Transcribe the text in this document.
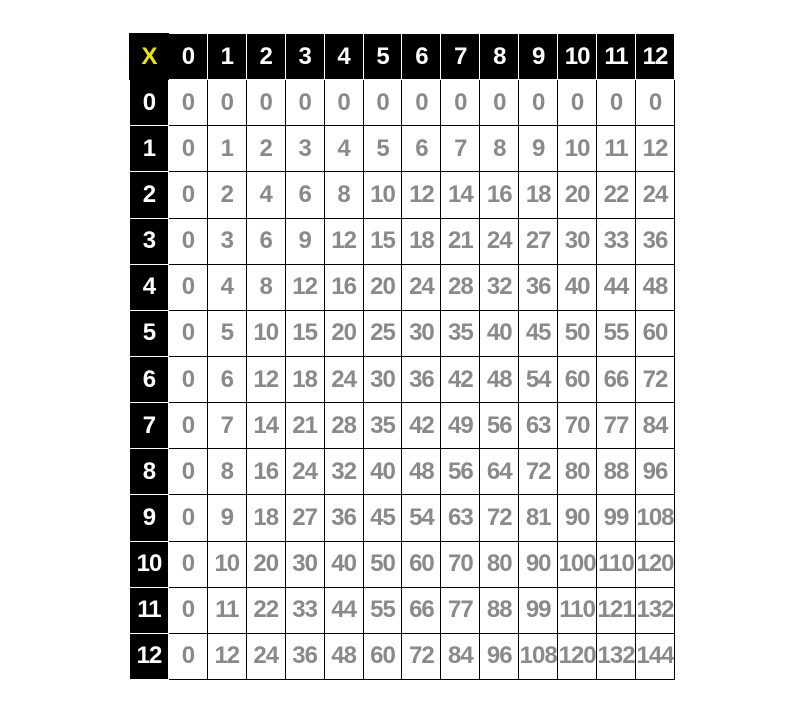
X	0	1	2	3	4	5	6	7	8	9	10	11	12
0	0	0	0	0	0	0	0	0	0	0	0	0	0
1	0	1	2	3	4	5	6	7	8	9	10	11	12
2	0	2	4	6	8	10	12	14	16	18	20	22	24
3	0	3	6	9	12	15	18	21	24	27	30	33	36
4	0	4	8	12	16	20	24	28	32	36	40	44	48
5	0	5	10	15	20	25	30	35	40	45	50	55	60
6	0	6	12	18	24	30	36	42	48	54	60	66	72
7	0	7	14	21	28	35	42	49	56	63	70	77	84
8	0	8	16	24	32	40	48	56	64	72	80	88	96
9	0	9	18	27	36	45	54	63	72	81	90	99	108
10	0	10	20	30	40	50	60	70	80	90	100	110	120
11	0	11	22	33	44	55	66	77	88	99	110	121	132
12	0	12	24	36	48	60	72	84	96	108	120	132	144
